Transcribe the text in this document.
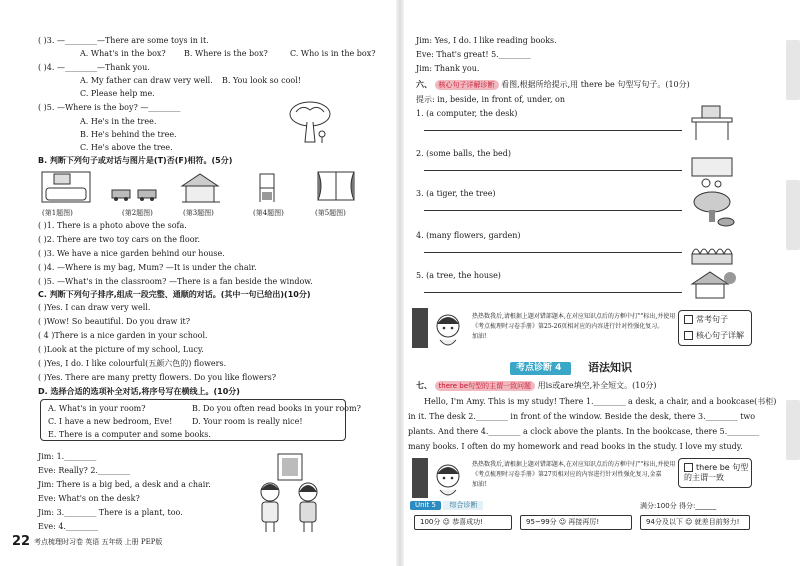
( )3. —________—There are some toys in it.
A. What's in the box? B. Where is the box?	C. Who is in the box?
( )4. —________—Thank you.
A. My father can draw very well. B. You look so cool!
C. Please help me.
( )5. —Where is the boy? —________
A. He's in the tree.
B. He's behind the tree.
C. He's above the tree.
B. 判断下列句子或对话与图片是(T)否(F)相符。(5分)
(第1题图)	(第2题图)	(第3题图)	(第4题图)	(第5题图)
( )1. There is a photo above the sofa.
( )2. There are two toy cars on the floor.
( )3. We have a nice garden behind our house.
( )4. —Where is my bag, Mum? —It is under the chair.
( )5. —What's in the classroom? —There is a fan beside the window.
C. 判断下列句子排序,组成一段完整、通顺的对话。(其中一句已给出)(10分)
( )Yes. I can draw very well.
( )Wow! So beautiful. Do you draw it?
( 4 )There is a nice garden in your school.
( )Look at the picture of my school, Lucy.
( )Yes, I do. I like colourful(五颜六色的) flowers.
( )Yes. There are many pretty flowers. Do you like flowers?
D. 选择合适的选项补全对话,将序号写在横线上。(10分)
A. What's in your room?	B. Do you often read books in your room?
C. I have a new bedroom, Eve! D. Your room is really nice!
E. There is a computer and some books.
Jim: 1.________
Eve: Really? 2.________
Jim: There is a big bed, a desk and a chair.
Eve: What's on the desk?
Jim: 3.________ There is a plant, too.
Eve: 4.________
22 考点梳理时习卷 英语 五年级 上册 PEP版
Jim: Yes, I do. I like reading books.
Eve: That's great! 5.________
Jim: Thank you.
六、 核心句子详解诊断 看图,根据所给提示,用 there be 句型写句子。(10分)
提示: in, beside, in front of, under, on
1. (a computer, the desk)
2. (some balls, the bed)
3. (a tiger, the tree)
4. (many flowers, garden)
5. (a tree, the house)
热热数我后,请根据上题对错部题本,在对应知识点后的方框中打""标出,并使用
《考点梳理时习卷手册》第25-26页相对应的内容进行针对性强化复习。
加油!
常考句子
核心句子详解
考点诊断 4	语法知识
七、 there be句型的主谓一致问题 用is或are填空,补全短文。(10分)
Hello, I'm Amy. This is my study! There 1.________ a desk, a chair, and a bookcase(书柜)
in it. The desk 2.________ in front of the window. Beside the desk, there 3.________ two
plants. And there 4.________ a clock above the plants. In the bookcase, there 5.________
many books. I often do my homework and read books in the study. I love my study.
热热数我后,请根据上题对错部题本,在对应知识点后的方框中打""标出,并使用
《考点梳理时习卷手册》第27页相对应的内容进行针对性强化复习,金嘉
加油!
there be 句型的主谓一致
Unit 5 综合诊断	满分:100分 得分:______
100分 ☺ 恭喜成功!	95~99分 ☺ 再接再厉!	94分及以下 ☺ 就差目前努力!
